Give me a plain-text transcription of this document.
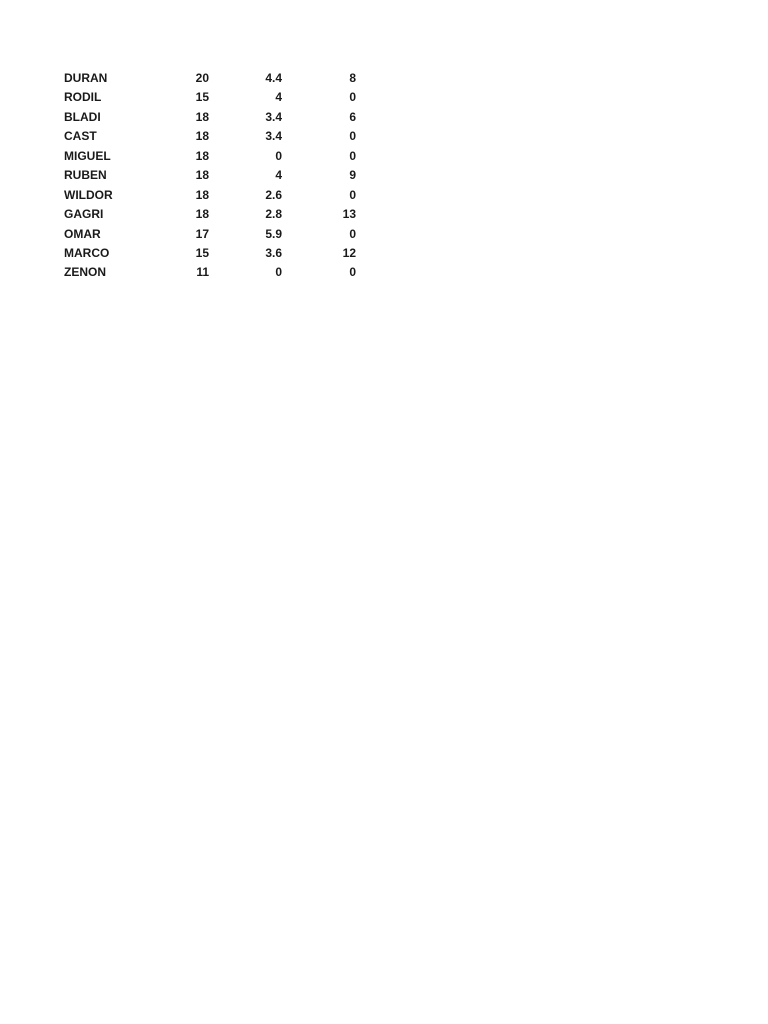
DURAN	20	4.4	8
RODIL	15	4	0
BLADI	18	3.4	6
CAST	18	3.4	0
MIGUEL	18	0	0
RUBEN	18	4	9
WILDOR	18	2.6	0
GAGRI	18	2.8	13
OMAR	17	5.9	0
MARCO	15	3.6	12
ZENON	11	0	0
